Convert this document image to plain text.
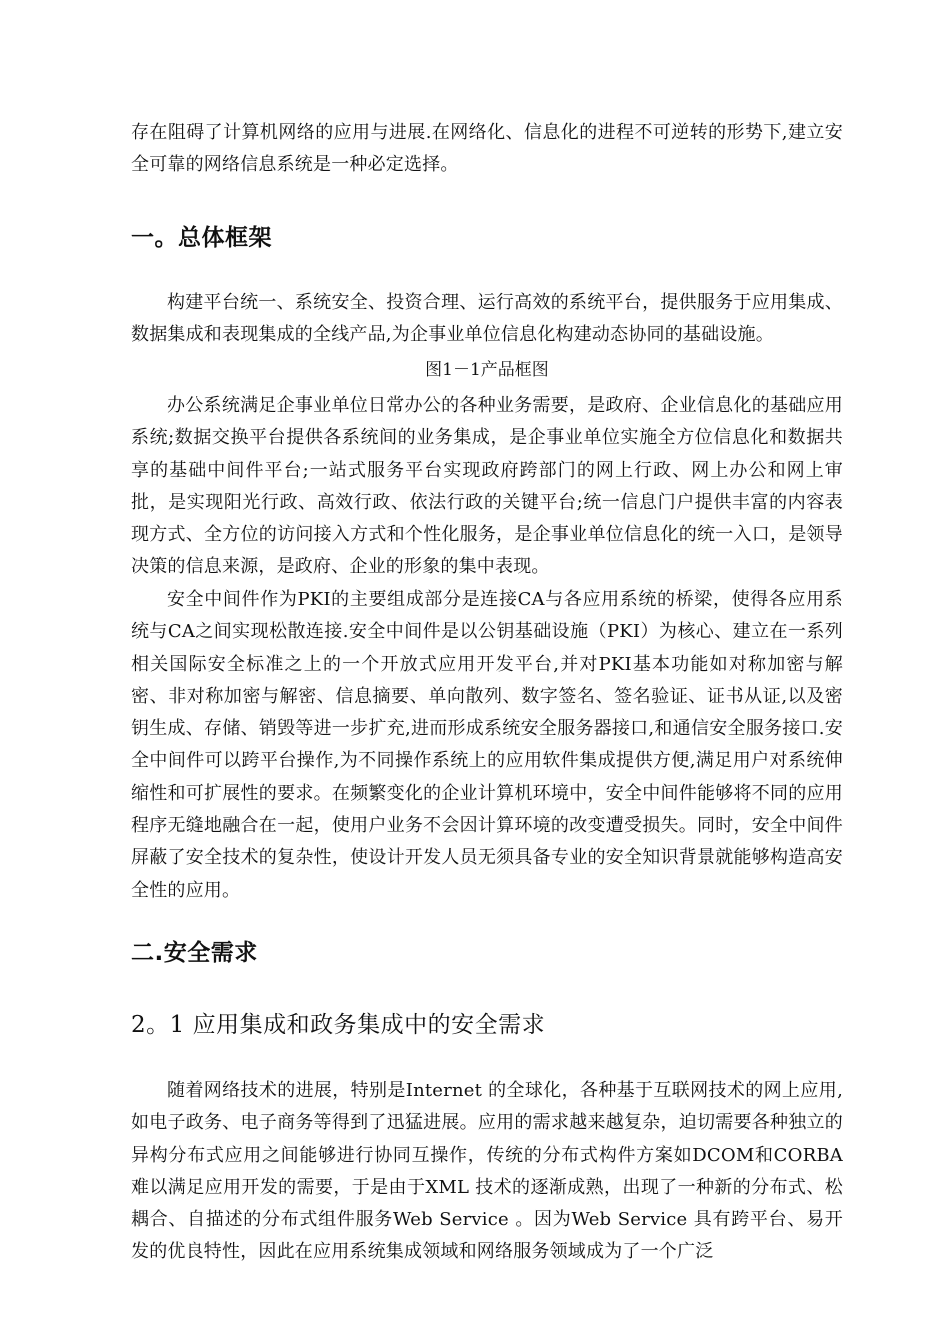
存在阻碍了计算机网络的应用与进展.在网络化、信息化的进程不可逆转的形势下,建立安全可靠的网络信息系统是一种必定选择。

一。总体框架

构建平台统一、系统安全、投资合理、运行高效的系统平台，提供服务于应用集成、数据集成和表现集成的全线产品,为企事业单位信息化构建动态协同的基础设施。

图1－1产品框图

办公系统满足企事业单位日常办公的各种业务需要，是政府、企业信息化的基础应用系统;数据交换平台提供各系统间的业务集成，是企事业单位实施全方位信息化和数据共享的基础中间件平台;一站式服务平台实现政府跨部门的网上行政、网上办公和网上审批，是实现阳光行政、高效行政、依法行政的关键平台;统一信息门户提供丰富的内容表现方式、全方位的访问接入方式和个性化服务，是企事业单位信息化的统一入口，是领导决策的信息来源，是政府、企业的形象的集中表现。

安全中间件作为PKI的主要组成部分是连接CA与各应用系统的桥梁，使得各应用系统与CA之间实现松散连接.安全中间件是以公钥基础设施（PKI）为核心、建立在一系列相关国际安全标准之上的一个开放式应用开发平台,并对PKI基本功能如对称加密与解密、非对称加密与解密、信息摘要、单向散列、数字签名、签名验证、证书从证,以及密钥生成、存储、销毁等进一步扩充,进而形成系统安全服务器接口,和通信安全服务接口.安全中间件可以跨平台操作,为不同操作系统上的应用软件集成提供方便,满足用户对系统伸缩性和可扩展性的要求。在频繁变化的企业计算机环境中，安全中间件能够将不同的应用程序无缝地融合在一起，使用户业务不会因计算环境的改变遭受损失。同时，安全中间件屏蔽了安全技术的复杂性，使设计开发人员无须具备专业的安全知识背景就能够构造高安全性的应用。

二.安全需求
2。1 应用集成和政务集成中的安全需求

随着网络技术的进展，特别是Internet 的全球化，各种基于互联网技术的网上应用,如电子政务、电子商务等得到了迅猛进展。应用的需求越来越复杂，迫切需要各种独立的异构分布式应用之间能够进行协同互操作，传统的分布式构件方案如DCOM和CORBA 难以满足应用开发的需要，于是由于XML 技术的逐渐成熟，出现了一种新的分布式、松耦合、自描述的分布式组件服务Web Service 。因为Web Service 具有跨平台、易开发的优良特性，因此在应用系统集成领域和网络服务领域成为了一个广泛
